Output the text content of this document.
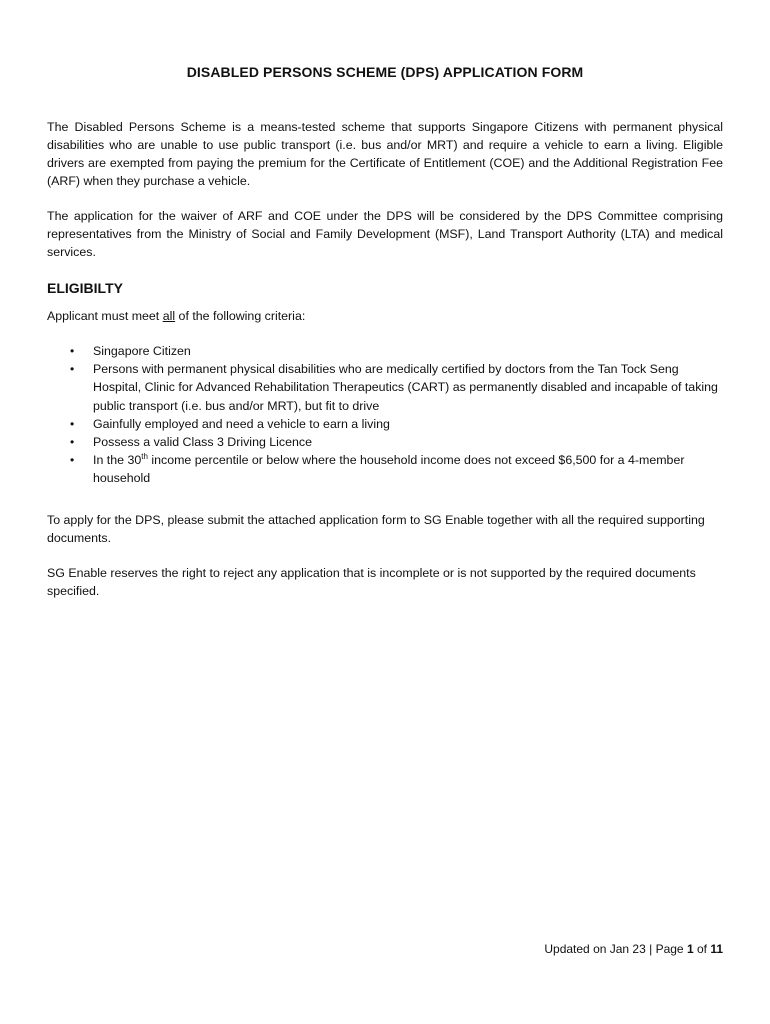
DISABLED PERSONS SCHEME (DPS) APPLICATION FORM

The Disabled Persons Scheme is a means-tested scheme that supports Singapore Citizens with permanent physical disabilities who are unable to use public transport (i.e. bus and/or MRT) and require a vehicle to earn a living. Eligible drivers are exempted from paying the premium for the Certificate of Entitlement (COE) and the Additional Registration Fee (ARF) when they purchase a vehicle.

The application for the waiver of ARF and COE under the DPS will be considered by the DPS Committee comprising representatives from the Ministry of Social and Family Development (MSF), Land Transport Authority (LTA) and medical services.

ELIGIBILTY
Applicant must meet all of the following criteria:
• Singapore Citizen
• Persons with permanent physical disabilities who are medically certified by doctors from the Tan Tock Seng Hospital, Clinic for Advanced Rehabilitation Therapeutics (CART) as permanently disabled and incapable of taking public transport (i.e. bus and/or MRT), but fit to drive
• Gainfully employed and need a vehicle to earn a living
• Possess a valid Class 3 Driving Licence
• In the 30th income percentile or below where the household income does not exceed $6,500 for a 4-member household

To apply for the DPS, please submit the attached application form to SG Enable together with all the required supporting documents.

SG Enable reserves the right to reject any application that is incomplete or is not supported by the required documents specified.

Updated on Jan 23 | Page 1 of 11
